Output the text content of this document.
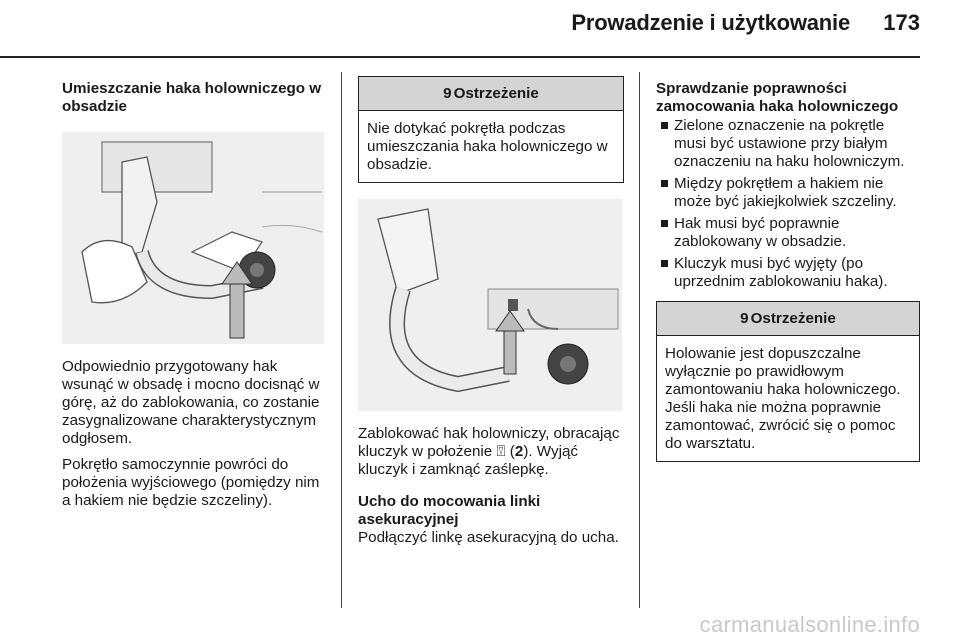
Prowadzenie i użytkowanie 173

Umieszczanie haka holowniczego w obsadzie

Odpowiednio przygotowany hak wsunąć w obsadę i mocno docisnąć w górę, aż do zablokowania, co zostanie zasygnalizowane charakterystycznym odgłosem.

Pokrętło samoczynnie powróci do położenia wyjściowego (pomiędzy nim a hakiem nie będzie szczeliny).

9 Ostrzeżenie
Nie dotykać pokrętła podczas umieszczania haka holowniczego w obsadzie.

Zablokować hak holowniczy, obracając kluczyk w położenie ⍔ (2). Wyjąć kluczyk i zamknąć zaślepkę.

Ucho do mocowania linki asekuracyjnej

Podłączyć linkę asekuracyjną do ucha.

Sprawdzanie poprawności zamocowania haka holowniczego

Zielone oznaczenie na pokrętle musi być ustawione przy białym oznaczeniu na haku holowniczym.
Między pokrętłem a hakiem nie może być jakiejkolwiek szczeliny.
Hak musi być poprawnie zablokowany w obsadzie.
Kluczyk musi być wyjęty (po uprzednim zablokowaniu haka).
9 Ostrzeżenie
Holowanie jest dopuszczalne wyłącznie po prawidłowym zamontowaniu haka holowniczego. Jeśli haka nie można poprawnie zamontować, zwrócić się o pomoc do warsztatu.
carmanualsonline.info
